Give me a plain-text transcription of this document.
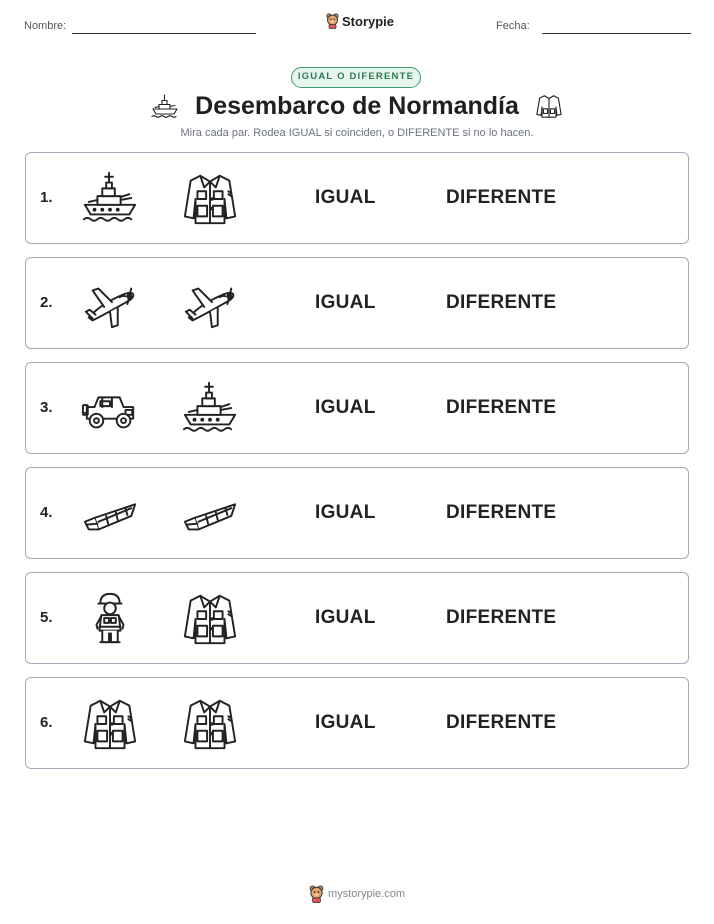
Nombre:	Storypie	Fecha:
IGUAL O DIFERENTE
Desembarco de Normandía
Mira cada par. Rodea IGUAL si coinciden, o DIFERENTE si no lo hacen.
1.	IGUAL	DIFERENTE
2.	IGUAL	DIFERENTE
3.	IGUAL	DIFERENTE
4.	IGUAL	DIFERENTE
5.	IGUAL	DIFERENTE
6.	IGUAL	DIFERENTE
mystorypie.com
